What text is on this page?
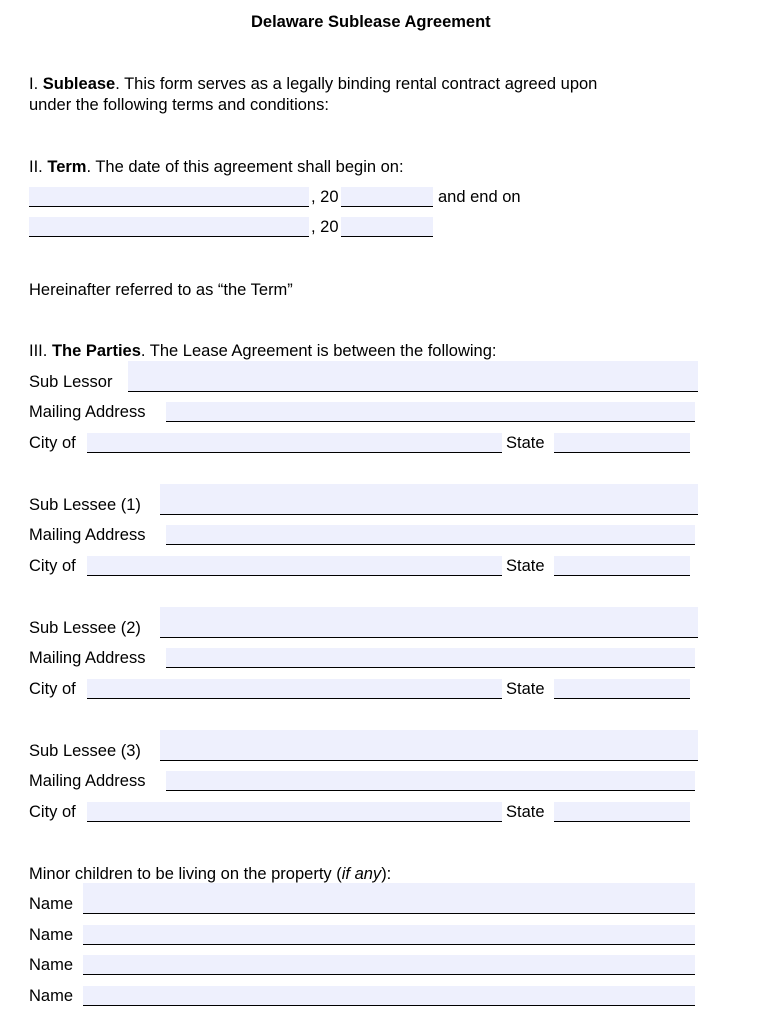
Delaware Sublease Agreement
I. Sublease. This form serves as a legally binding rental contract agreed upon
under the following terms and conditions:
II. Term. The date of this agreement shall begin on:
, 20	and end on
, 20
Hereinafter referred to as “the Term”
III. The Parties. The Lease Agreement is between the following:
Sub Lessor
Mailing Address
City of	State
Sub Lessee (1)
Mailing Address
City of	State
Sub Lessee (2)
Mailing Address
City of	State
Sub Lessee (3)
Mailing Address
City of	State
Minor children to be living on the property (if any):
Name
Name
Name
Name
